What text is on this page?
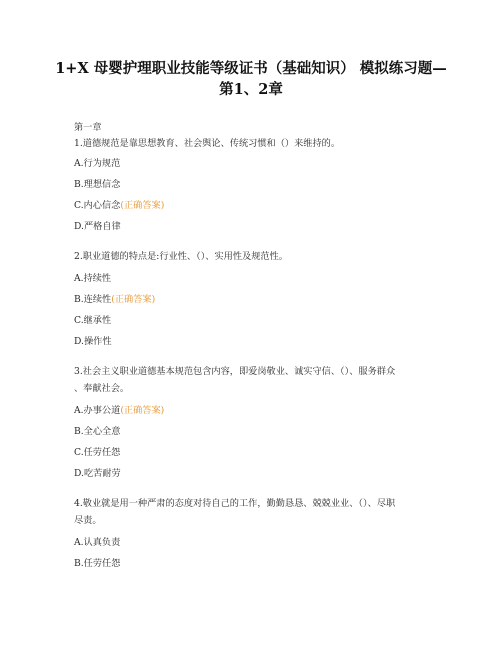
1+X 母婴护理职业技能等级证书（基础知识） 模拟练习题—
第1、2章
第一章
1.道德规范是靠思想教育、社会舆论、传统习惯和（）来维持的。
A.行为规范
B.理想信念
C.内心信念(正确答案)
D.严格自律
2.职业道德的特点是:行业性、（）、实用性及规范性。
A.持续性
B.连续性(正确答案)
C.继承性
D.操作性
3.社会主义职业道德基本规范包含内容，即爱岗敬业、诚实守信、（）、服务群众
、奉献社会。
A.办事公道(正确答案)
B.全心全意
C.任劳任怨
D.吃苦耐劳
4.敬业就是用一种严肃的态度对待自己的工作，勤勤恳恳、兢兢业业、（）、尽职
尽责。
A.认真负责
B.任劳任怨
